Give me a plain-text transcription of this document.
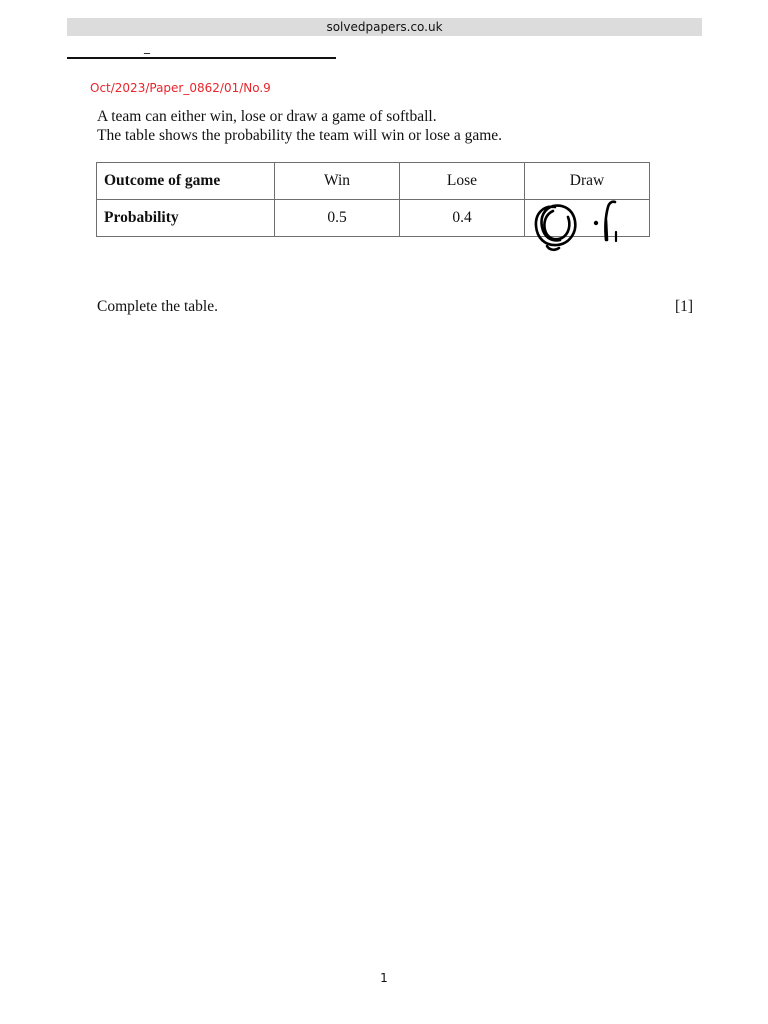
solvedpapers.co.uk
_
Oct/2023/Paper_0862/01/No.9
A team can either win, lose or draw a game of softball.
The table shows the probability the team will win or lose a game.
Outcome of game	Win	Lose	Draw
Probability	0.5	0.4	
Complete the table.	[1]
1
